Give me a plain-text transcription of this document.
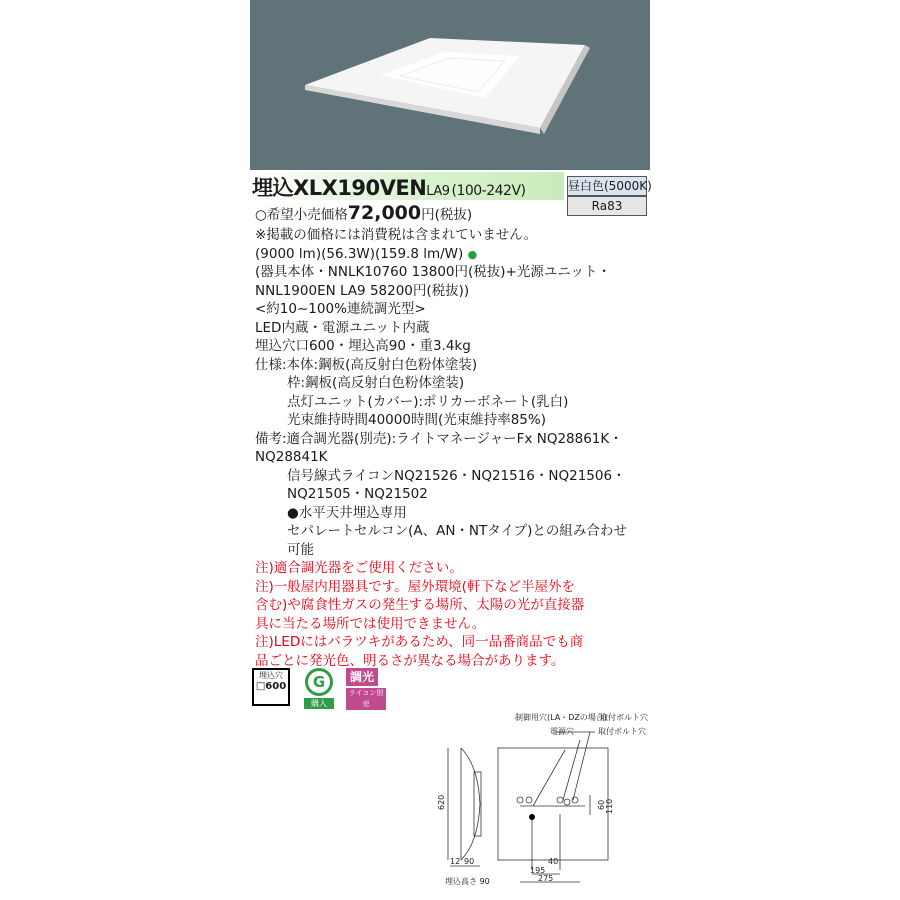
埋込XLX190VENLA9 (100-242V)	昼白色(5000K)
Ra83
○希望小売価格72,000円(税抜)
※掲載の価格には消費税は含まれていません。
(9000 lm)(56.3W)(159.8 lm/W) ●
(器具本体・NNLK10760 13800円(税抜)+光源ユニット・
NNL1900EN LA9 58200円(税抜))
<約10~100%連続調光型>
LED内蔵・電源ユニット内蔵
埋込穴口600・埋込高90・重3.4kg
仕様:本体:鋼板(高反射白色粉体塗装)
枠:鋼板(高反射白色粉体塗装)
点灯ユニット(カバー):ポリカーボネート(乳白)
光束維持時間40000時間(光束維持率85%)
備考:適合調光器(別売):ライトマネージャーFx NQ28861K・
NQ28841K
信号線式ライコンNQ21526・NQ21516・NQ21506・
NQ21505・NQ21502
●水平天井埋込専用
セパレートセルコン(A、AN・NTタイプ)との組み合わせ
可能
注)適合調光器をご使用ください。
注)一般屋内用器具です。屋外環境(軒下など半屋外を
含む)や腐食性ガスの発生する場所、太陽の光が直接器
具に当たる場所では使用できません。
注)LEDにはバラツキがあるため、同一品番商品でも商
品ごとに発光色、明るさが異なる場合があります。
埋込穴
□600	G
購入
調光
ライコン別売
制御用穴(LA・DZの場合)
取付ボルト穴
電源穴	取付ボルト穴
620	60 110
12 90	40
195
275
埋込高さ 90
